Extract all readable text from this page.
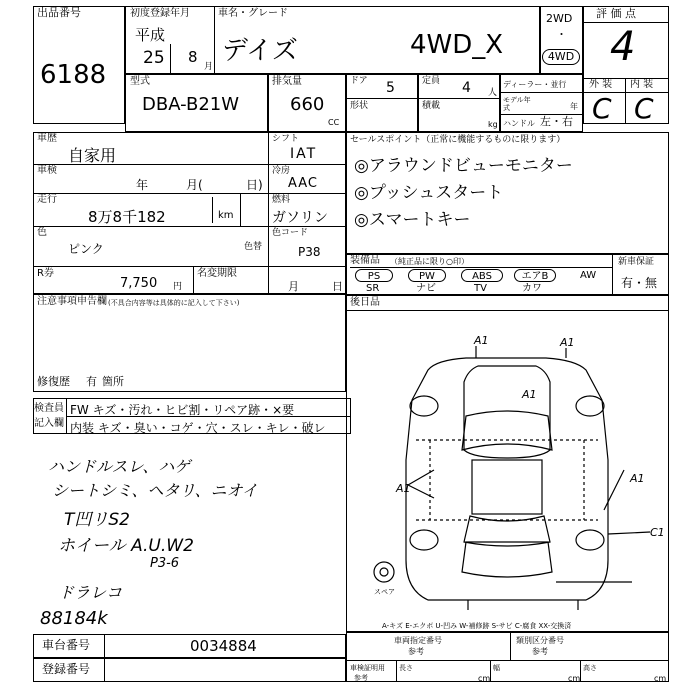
出品番号
6188
初度登録年月
平成
25 8
月
車名・グレード
デイズ	4WD_X
2WD
・
4WD
評 価 点
4
外 装 内 装
C C
型式
DBA-B21W
排気量
660
CC
ドア 5
形状
定員 4 人
積載
kg
ディーラー・並行
モデル年式	年
ハンドル 左・右
車歴
自家用
シフト
IAT
車検
年	月(	日)
冷房
AAC
走行
8万8千182	km
燃料
ガソリン
色
ピンク	色替
色コード
P38
R券
7,750 円
名変期限
月	日
セールスポイント（正常に機能するものに限ります）
◎アラウンドビューモニター
◎プッシュスタート
◎スマートキー
装備品 （純正品に限り○印）
PS
SR
PW
ナビ
ABS
TV
エアB
カワ
AW
新車保証
有・無
注意事項申告欄 (不具合内容等は具体的に記入して下さい)
修復歴 有 箇所
後日品
検査員
記入欄
FW キズ・汚れ・ヒビ割・リペア跡・×要
内装 キズ・臭い・コゲ・穴・スレ・キレ・破レ
ハンドルスレ、ハゲ
シートシミ、ヘタリ、ニオイ
T凹リS2
ホイール A.U.W2
P3-6
ドラレコ
88184k
A1	A1
A1
A1
A1
C1
スペア
A-キズ E-エクボ U-凹み W-補修跡 S-サビ C-腐食 XX-交換済
車台番号	0034884
登録番号
車両指定番号
参考
類別区分番号
参考
車検証明用
参考
長さ
cm
幅
cm
高さ
cm
